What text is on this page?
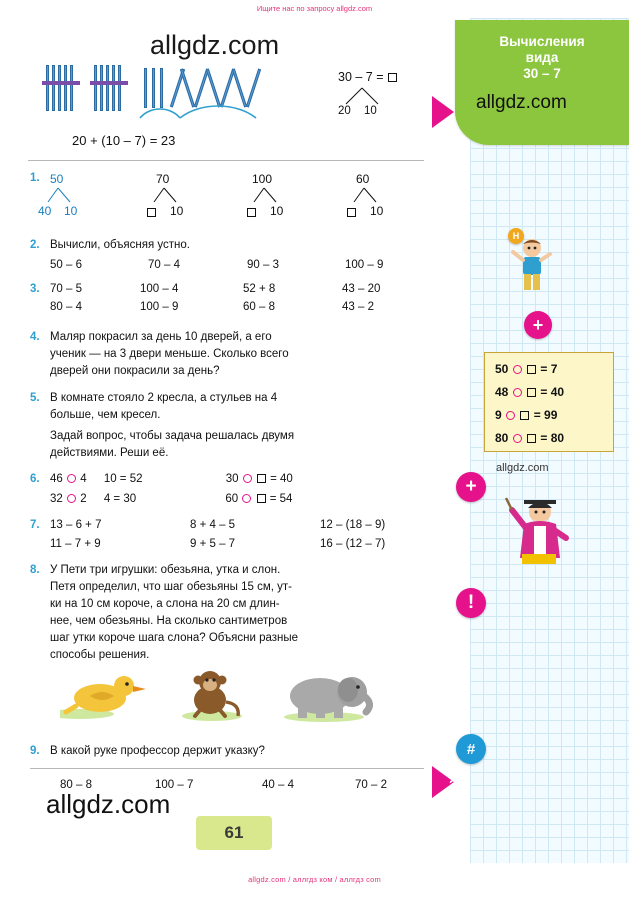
Ищите нас по запросу allgdz.com
Вычисления
вида
30 – 7
allgdz.com
allgdz.com
allgdz.com
allgdz.com
30 – 7 =
20 10
20 + (10 – 7) = 23
1. 50
40 10
70
10
100
10
60
10
2. Вычисли, объясняя устно.
50 – 6	70 – 4	90 – 3	100 – 9
3. 70 – 5	100 – 4	52 + 8	43 – 20
80 – 4	100 – 9	60 – 8	43 – 2
4. Маляр покрасил за день 10 дверей, а его
ученик — на 3 двери меньше. Сколько всего
дверей они покрасили за день?
5. В комнате стояло 2 кресла, а стульев на 4
больше, чем кресел.
Задай вопрос, чтобы задача решалась двумя
действиями. Реши её.
6. 46 4 10 = 52	30	= 40
32 2 4 = 30	60	= 54
7. 13 – 6 + 7	8 + 4 – 5	12 – (18 – 9)
11 – 7 + 9	9 + 5 – 7	16 – (12 – 7)
8. У Пети три игрушки: обезьяна, утка и слон.
Петя определил, что шаг обезьяны 15 см, ут-
ки на 10 см короче, а слона на 20 см длин-
нее, чем обезьяны. На сколько сантиметров
шаг утки короче шага слона? Объясни разные
способы решения.
9. В какой руке профессор держит указку?
80 – 8	100 – 7	40 – 4	70 – 2
61
Н
+
50	= 7
48	= 40
9	= 99
80	= 80
+
!
#
?
allgdz.com / аллгдз ком / аллгдз com
